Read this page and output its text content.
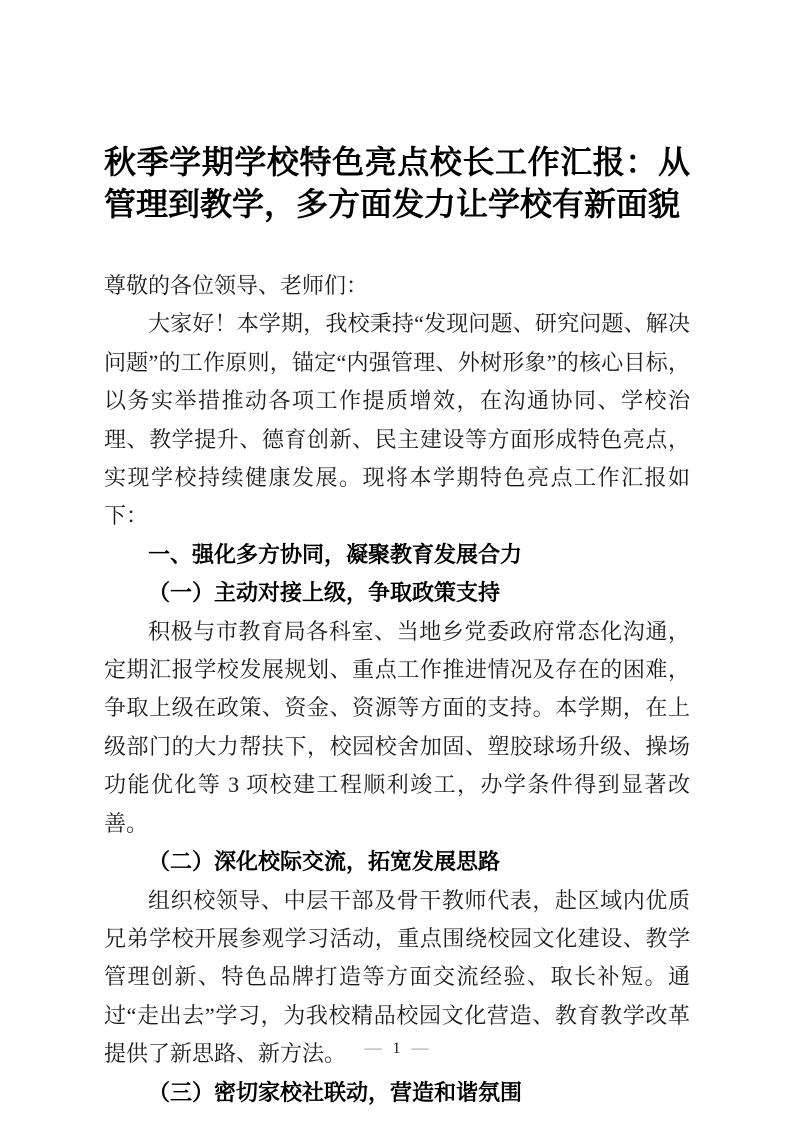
秋季学期学校特色亮点校长工作汇报：从管理到教学，多方面发力让学校有新面貌

尊敬的各位领导、老师们：

大家好！本学期，我校秉持“发现问题、研究问题、解决问题”的工作原则，锚定“内强管理、外树形象”的核心目标，以务实举措推动各项工作提质增效，在沟通协同、学校治理、教学提升、德育创新、民主建设等方面形成特色亮点，实现学校持续健康发展。现将本学期特色亮点工作汇报如下：

一、强化多方协同，凝聚教育发展合力

（一）主动对接上级，争取政策支持

积极与市教育局各科室、当地乡党委政府常态化沟通，定期汇报学校发展规划、重点工作推进情况及存在的困难，争取上级在政策、资金、资源等方面的支持。本学期，在上级部门的大力帮扶下，校园校舍加固、塑胶球场升级、操场功能优化等 3 项校建工程顺利竣工，办学条件得到显著改善。

（二）深化校际交流，拓宽发展思路

组织校领导、中层干部及骨干教师代表，赴区域内优质兄弟学校开展参观学习活动，重点围绕校园文化建设、教学管理创新、特色品牌打造等方面交流经验、取长补短。通过“走出去”学习，为我校精品校园文化营造、教育教学改革提供了新思路、新方法。

（三）密切家校社联动，营造和谐氛围

— 1 —
